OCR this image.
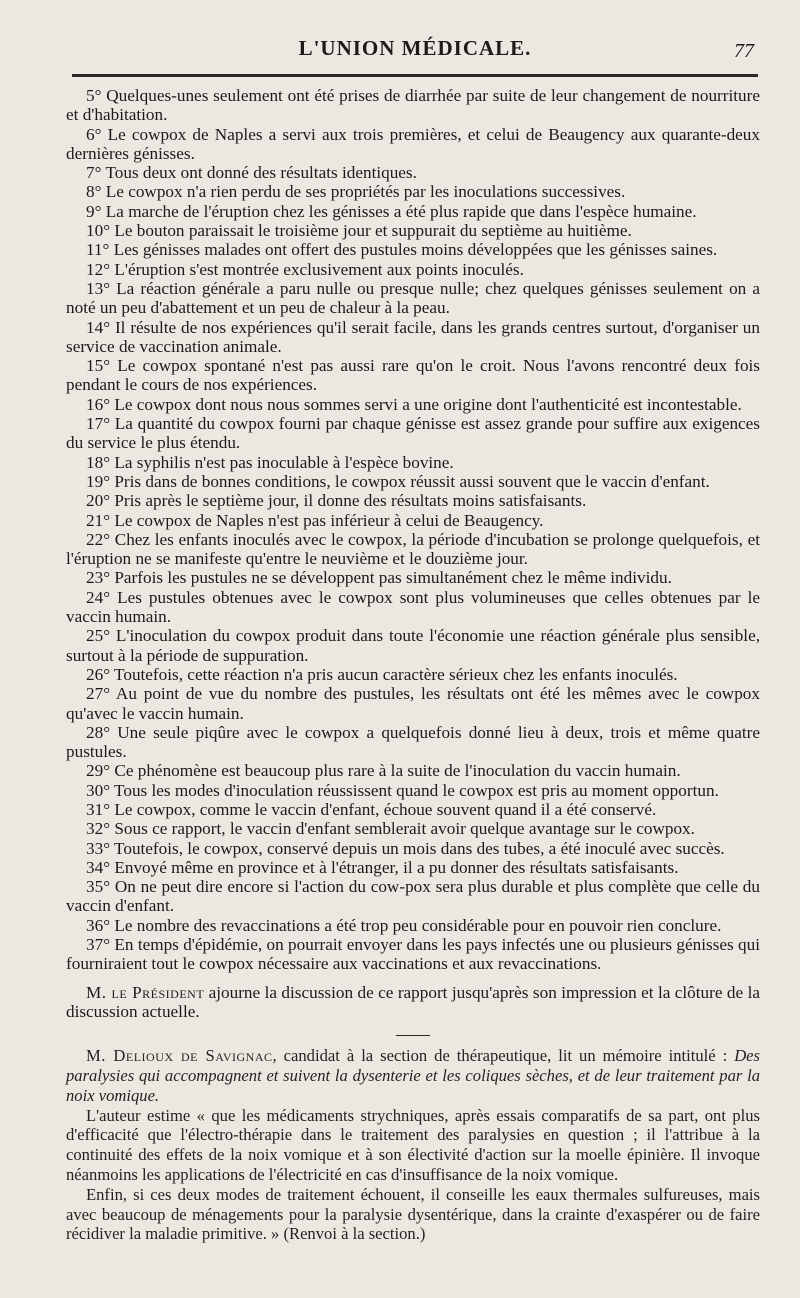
L'UNION MÉDICALE.	77

5° Quelques-unes seulement ont été prises de diarrhée par suite de leur changement de nourriture et d'habitation.

6° Le cowpox de Naples a servi aux trois premières, et celui de Beaugency aux quarante-deux dernières génisses.

7° Tous deux ont donné des résultats identiques.

8° Le cowpox n'a rien perdu de ses propriétés par les inoculations successives.

9° La marche de l'éruption chez les génisses a été plus rapide que dans l'espèce humaine.

10° Le bouton paraissait le troisième jour et suppurait du septième au huitième.

11° Les génisses malades ont offert des pustules moins développées que les génisses saines.

12° L'éruption s'est montrée exclusivement aux points inoculés.

13° La réaction générale a paru nulle ou presque nulle; chez quelques génisses seulement on a noté un peu d'abattement et un peu de chaleur à la peau.

14° Il résulte de nos expériences qu'il serait facile, dans les grands centres surtout, d'organiser un service de vaccination animale.

15° Le cowpox spontané n'est pas aussi rare qu'on le croit. Nous l'avons rencontré deux fois pendant le cours de nos expériences.

16° Le cowpox dont nous nous sommes servi a une origine dont l'authenticité est incontestable.

17° La quantité du cowpox fourni par chaque génisse est assez grande pour suffire aux exigences du service le plus étendu.

18° La syphilis n'est pas inoculable à l'espèce bovine.

19° Pris dans de bonnes conditions, le cowpox réussit aussi souvent que le vaccin d'enfant.

20° Pris après le septième jour, il donne des résultats moins satisfaisants.

21° Le cowpox de Naples n'est pas inférieur à celui de Beaugency.

22° Chez les enfants inoculés avec le cowpox, la période d'incubation se prolonge quelquefois, et l'éruption ne se manifeste qu'entre le neuvième et le douzième jour.

23° Parfois les pustules ne se développent pas simultanément chez le même individu.

24° Les pustules obtenues avec le cowpox sont plus volumineuses que celles obtenues par le vaccin humain.

25° L'inoculation du cowpox produit dans toute l'économie une réaction générale plus sensible, surtout à la période de suppuration.

26° Toutefois, cette réaction n'a pris aucun caractère sérieux chez les enfants inoculés.

27° Au point de vue du nombre des pustules, les résultats ont été les mêmes avec le cowpox qu'avec le vaccin humain.

28° Une seule piqûre avec le cowpox a quelquefois donné lieu à deux, trois et même quatre pustules.

29° Ce phénomène est beaucoup plus rare à la suite de l'inoculation du vaccin humain.

30° Tous les modes d'inoculation réussissent quand le cowpox est pris au moment opportun.

31° Le cowpox, comme le vaccin d'enfant, échoue souvent quand il a été conservé.

32° Sous ce rapport, le vaccin d'enfant semblerait avoir quelque avantage sur le cowpox.

33° Toutefois, le cowpox, conservé depuis un mois dans des tubes, a été inoculé avec succès.

34° Envoyé même en province et à l'étranger, il a pu donner des résultats satisfaisants.

35° On ne peut dire encore si l'action du cow-pox sera plus durable et plus complète que celle du vaccin d'enfant.

36° Le nombre des revaccinations a été trop peu considérable pour en pouvoir rien conclure.

37° En temps d'épidémie, on pourrait envoyer dans les pays infectés une ou plusieurs génisses qui fourniraient tout le cowpox nécessaire aux vaccinations et aux revaccinations.

M. le Président ajourne la discussion de ce rapport jusqu'après son impression et la clôture de la discussion actuelle.

M. Delioux de Savignac, candidat à la section de thérapeutique, lit un mémoire intitulé : Des paralysies qui accompagnent et suivent la dysenterie et les coliques sèches, et de leur traitement par la noix vomique.

L'auteur estime « que les médicaments strychniques, après essais comparatifs de sa part, ont plus d'efficacité que l'électro-thérapie dans le traitement des paralysies en question ; il l'attribue à la continuité des effets de la noix vomique et à son électivité d'action sur la moelle épinière. Il invoque néanmoins les applications de l'électricité en cas d'insuffisance de la noix vomique.

Enfin, si ces deux modes de traitement échouent, il conseille les eaux thermales sulfureuses, mais avec beaucoup de ménagements pour la paralysie dysentérique, dans la crainte d'exaspérer ou de faire récidiver la maladie primitive. » (Renvoi à la section.)
